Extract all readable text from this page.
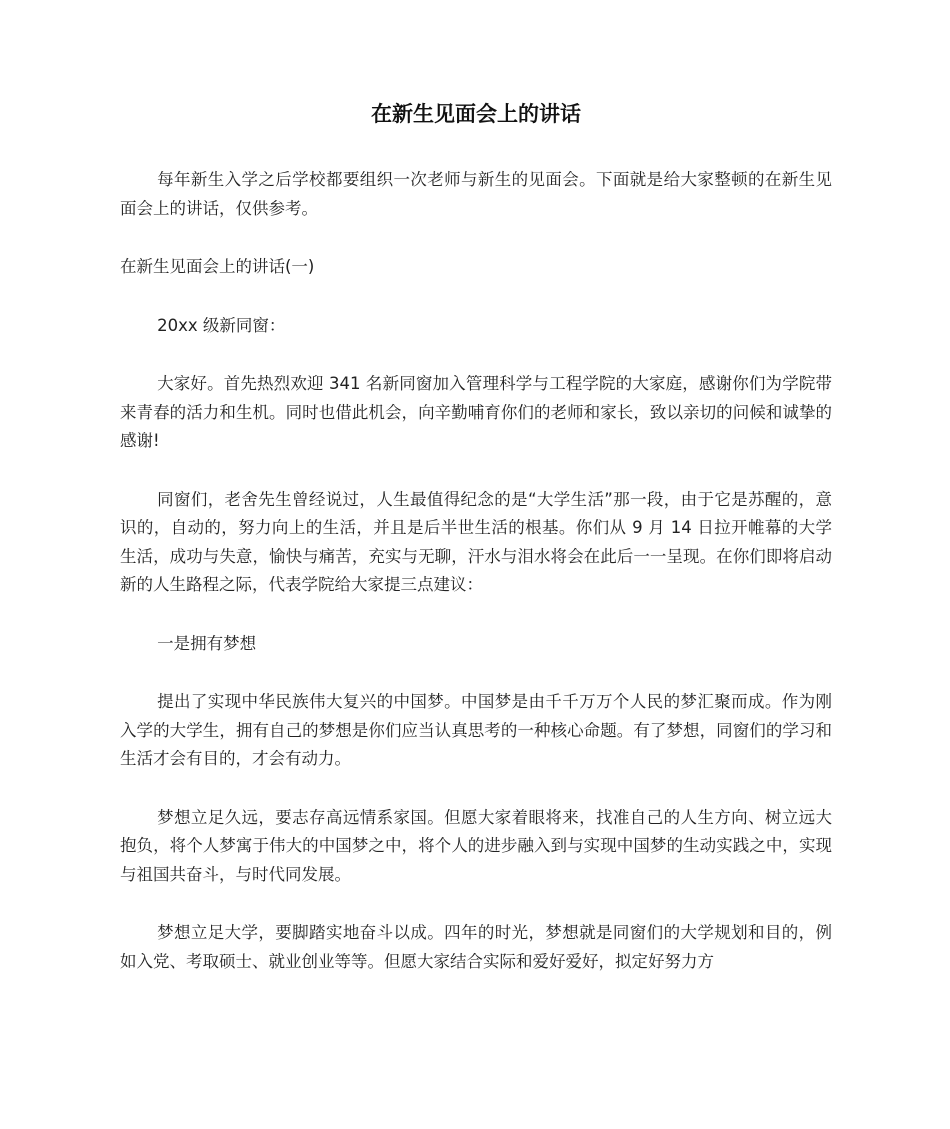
在新生见面会上的讲话

每年新生入学之后学校都要组织一次老师与新生的见面会。下面就是给大家整顿的在新生见面会上的讲话，仅供参考。

在新生见面会上的讲话(一)

20xx 级新同窗：

大家好。首先热烈欢迎 341 名新同窗加入管理科学与工程学院的大家庭，感谢你们为学院带来青春的活力和生机。同时也借此机会，向辛勤哺育你们的老师和家长，致以亲切的问候和诚挚的感谢!

同窗们，老舍先生曾经说过，人生最值得纪念的是“大学生活”那一段，由于它是苏醒的，意识的，自动的，努力向上的生活，并且是后半世生活的根基。你们从 9 月 14 日拉开帷幕的大学生活，成功与失意，愉快与痛苦，充实与无聊，汗水与泪水将会在此后一一呈现。在你们即将启动新的人生路程之际，代表学院给大家提三点建议：

一是拥有梦想

提出了实现中华民族伟大复兴的中国梦。中国梦是由千千万万个人民的梦汇聚而成。作为刚入学的大学生，拥有自己的梦想是你们应当认真思考的一种核心命题。有了梦想，同窗们的学习和生活才会有目的，才会有动力。

梦想立足久远，要志存高远情系家国。但愿大家着眼将来，找准自己的人生方向、树立远大抱负，将个人梦寓于伟大的中国梦之中，将个人的进步融入到与实现中国梦的生动实践之中，实现与祖国共奋斗，与时代同发展。

梦想立足大学，要脚踏实地奋斗以成。四年的时光，梦想就是同窗们的大学规划和目的，例如入党、考取硕士、就业创业等等。但愿大家结合实际和爱好爱好，拟定好努力方
